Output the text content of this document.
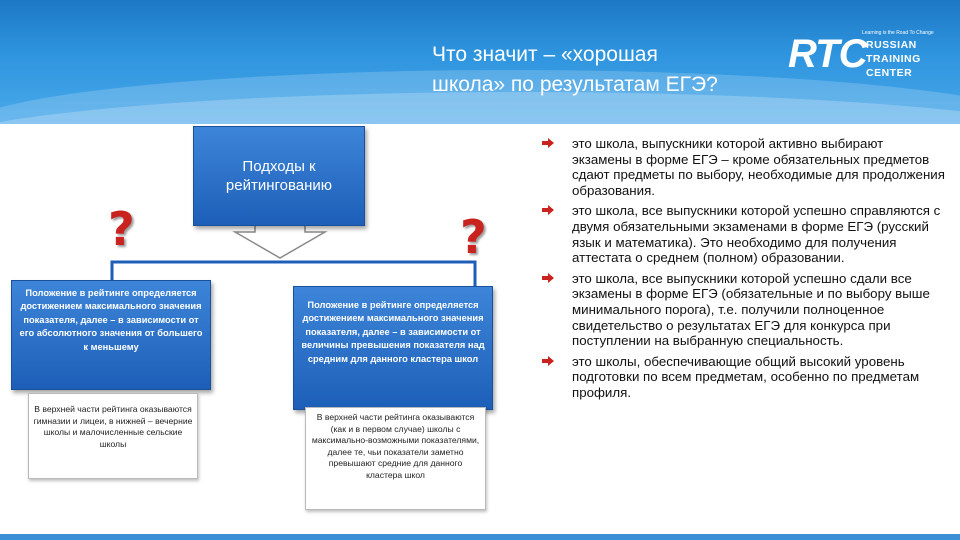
Что значит – «хорошая
школа» по результатам ЕГЭ?
RTC
Learning is the Road To Change
RUSSIAN
TRAINING
CENTER
Подходы к рейтингованию
?	?
Положение в рейтинге определяется достижением максимального значения показателя, далее – в зависимости от его абсолютного значения от большего к меньшему
В верхней части рейтинга оказываются гимназии и лицеи, в нижней – вечерние школы и малочисленные сельские школы
Положение в рейтинге определяется достижением максимального значения показателя, далее – в зависимости от величины превышения показателя над средним для данного кластера школ
В верхней части рейтинга оказываются (как и в первом случае) школы с максимально-возможными показателями, далее те, чьи показатели заметно превышают средние для данного кластера школ
это школа, выпускники которой активно выбирают экзамены в форме ЕГЭ – кроме обязательных предметов сдают предметы по выбору, необходимые для продолжения образования.
это школа, все выпускники которой успешно справляются с двумя обязательными экзаменами в форме ЕГЭ (русский язык и математика). Это необходимо для получения аттестата о среднем (полном) образовании.
это школа, все выпускники которой успешно сдали все экзамены в форме ЕГЭ (обязательные и по выбору выше минимального порога), т.е. получили полноценное свидетельство о результатах ЕГЭ для конкурса при поступлении на выбранную специальность.
это школы, обеспечивающие общий высокий уровень подготовки по всем предметам, особенно по предметам профиля.
